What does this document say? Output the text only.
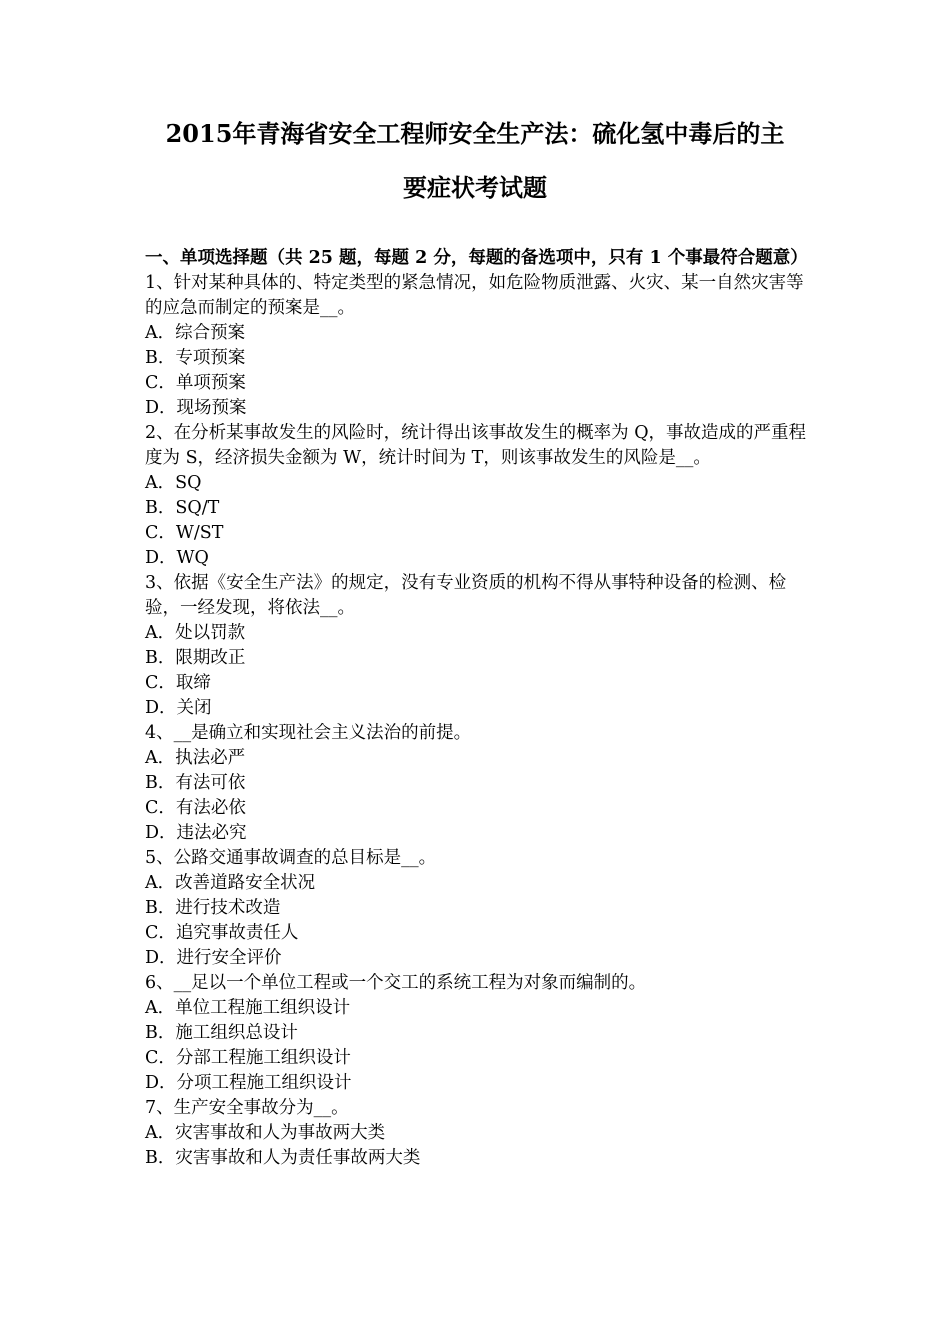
2015年青海省安全工程师安全生产法：硫化氢中毒后的主
要症状考试题

一、单项选择题（共 25 题，每题 2 分，每题的备选项中，只有 1 个事最符合题意）

1、针对某种具体的、特定类型的紧急情况，如危险物质泄露、火灾、某一自然灾害等的应急而制定的预案是__。

A．综合预案

B．专项预案

C．单项预案

D．现场预案

2、在分析某事故发生的风险时，统计得出该事故发生的概率为 Q，事故造成的严重程度为 S，经济损失金额为 W，统计时间为 T，则该事故发生的风险是__。

A．SQ

B．SQ/T

C．W/ST

D．WQ

3、依据《安全生产法》的规定，没有专业资质的机构不得从事特种设备的检测、检验，一经发现，将依法__。

A．处以罚款

B．限期改正

C．取缔

D．关闭

4、__是确立和实现社会主义法治的前提。

A．执法必严

B．有法可依

C．有法必依

D．违法必究

5、公路交通事故调查的总目标是__。

A．改善道路安全状况

B．进行技术改造

C．追究事故责任人

D．进行安全评价

6、__足以一个单位工程或一个交工的系统工程为对象而编制的。

A．单位工程施工组织设计

B．施工组织总设计

C．分部工程施工组织设计

D．分项工程施工组织设计

7、生产安全事故分为__。

A．灾害事故和人为事故两大类

B．灾害事故和人为责任事故两大类
